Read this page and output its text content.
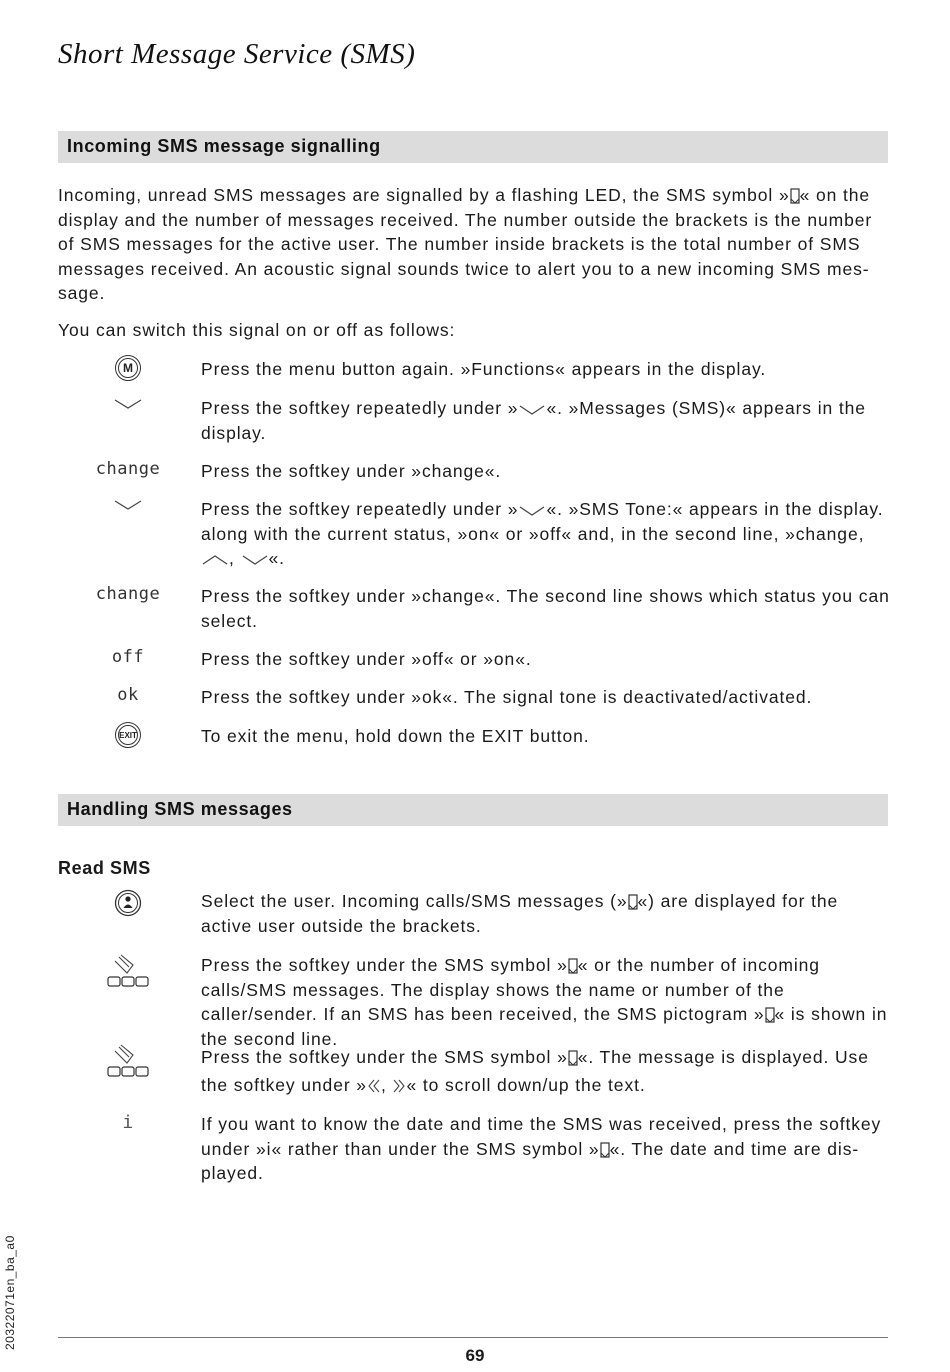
Short Message Service (SMS)
Incoming SMS message signalling
Incoming, unread SMS messages are signalled by a flashing LED, the SMS symbol » « on the display and the number of messages received. The number outside the brackets is the number of SMS messages for the active user. The number inside brackets is the total number of SMS messages received. An acoustic signal sounds twice to alert you to a new incoming SMS mes-sage.
You can switch this signal on or off as follows:
M	Press the menu button again. »Functions« appears in the display.
Press the softkey repeatedly under » «. »Messages (SMS)« appears in the display.
change Press the softkey under »change«.
Press the softkey repeatedly under » «. »SMS Tone:« appears in the display. along with the current status, »on« or »off« and, in the second line, »change, , «.
change Press the softkey under »change«. The second line shows which status you can select.
off	Press the softkey under »off« or »on«.
ok	Press the softkey under »ok«. The signal tone is deactivated/activated.
EXIT	To exit the menu, hold down the EXIT button.
Handling SMS messages
Read SMS
Select the user. Incoming calls/SMS messages (» «) are displayed for the active user outside the brackets.
Press the softkey under the SMS symbol » « or the number of incoming calls/SMS messages. The display shows the name or number of the caller/sender. If an SMS has been received, the SMS pictogram » « is shown in the second line.
Press the softkey under the SMS symbol » «. The message is displayed. Use the softkey under » , « to scroll down/up the text.
i	If you want to know the date and time the SMS was received, press the softkey under »i« rather than under the SMS symbol » «. The date and time are dis-played.
20322071en_ba_a0
69
